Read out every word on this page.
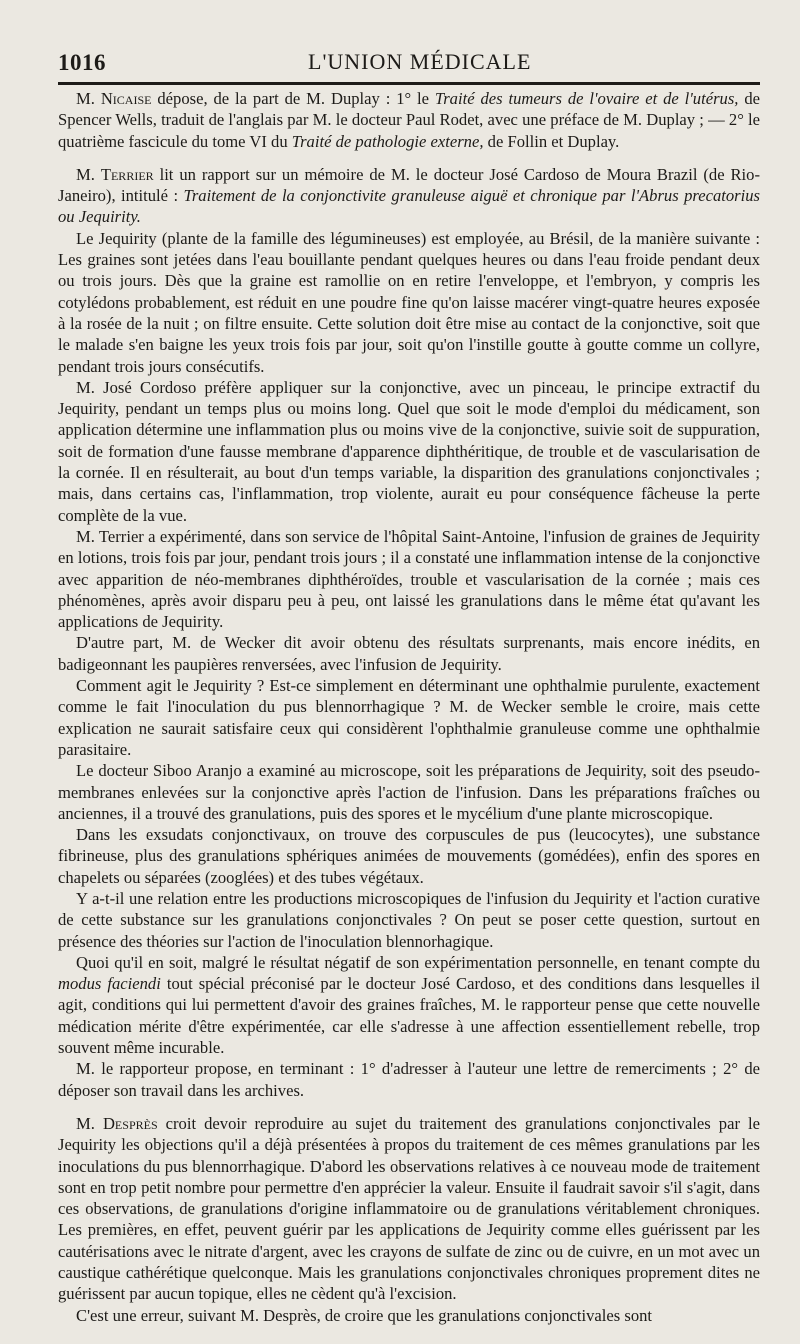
1016	L'UNION MÉDICALE

M. Nicaise dépose, de la part de M. Duplay : 1° le Traité des tumeurs de l'ovaire et de l'utérus, de Spencer Wells, traduit de l'anglais par M. le docteur Paul Rodet, avec une préface de M. Duplay ; — 2° le quatrième fascicule du tome VI du Traité de pathologie externe, de Follin et Duplay.

M. Terrier lit un rapport sur un mémoire de M. le docteur José Cardoso de Moura Brazil (de Rio-Janeiro), intitulé : Traitement de la conjonctivite granuleuse aiguë et chronique par l'Abrus precatorius ou Jequirity.

Le Jequirity (plante de la famille des légumineuses) est employée, au Brésil, de la manière suivante : Les graines sont jetées dans l'eau bouillante pendant quelques heures ou dans l'eau froide pendant deux ou trois jours. Dès que la graine est ramollie on en retire l'enveloppe, et l'embryon, y compris les cotylédons probablement, est réduit en une poudre fine qu'on laisse macérer vingt-quatre heures exposée à la rosée de la nuit ; on filtre ensuite. Cette solution doit être mise au contact de la conjonctive, soit que le malade s'en baigne les yeux trois fois par jour, soit qu'on l'instille goutte à goutte comme un collyre, pendant trois jours consécutifs.

M. José Cordoso préfère appliquer sur la conjonctive, avec un pinceau, le principe extractif du Jequirity, pendant un temps plus ou moins long. Quel que soit le mode d'emploi du médicament, son application détermine une inflammation plus ou moins vive de la conjonctive, suivie soit de suppuration, soit de formation d'une fausse membrane d'apparence diphthéritique, de trouble et de vascularisation de la cornée. Il en résulterait, au bout d'un temps variable, la disparition des granulations conjonctivales ; mais, dans certains cas, l'inflammation, trop violente, aurait eu pour conséquence fâcheuse la perte complète de la vue.

M. Terrier a expérimenté, dans son service de l'hôpital Saint-Antoine, l'infusion de graines de Jequirity en lotions, trois fois par jour, pendant trois jours ; il a constaté une inflammation intense de la conjonctive avec apparition de néo-membranes diphthéroïdes, trouble et vascularisation de la cornée ; mais ces phénomènes, après avoir disparu peu à peu, ont laissé les granulations dans le même état qu'avant les applications de Jequirity.

D'autre part, M. de Wecker dit avoir obtenu des résultats surprenants, mais encore inédits, en badigeonnant les paupières renversées, avec l'infusion de Jequirity.

Comment agit le Jequirity ? Est-ce simplement en déterminant une ophthalmie purulente, exactement comme le fait l'inoculation du pus blennorrhagique ? M. de Wecker semble le croire, mais cette explication ne saurait satisfaire ceux qui considèrent l'ophthalmie granuleuse comme une ophthalmie parasitaire.

Le docteur Siboo Aranjo a examiné au microscope, soit les préparations de Jequirity, soit des pseudo-membranes enlevées sur la conjonctive après l'action de l'infusion. Dans les préparations fraîches ou anciennes, il a trouvé des granulations, puis des spores et le mycélium d'une plante microscopique.

Dans les exsudats conjonctivaux, on trouve des corpuscules de pus (leucocytes), une substance fibrineuse, plus des granulations sphériques animées de mouvements (gomédées), enfin des spores en chapelets ou séparées (zooglées) et des tubes végétaux.

Y a-t-il une relation entre les productions microscopiques de l'infusion du Jequirity et l'action curative de cette substance sur les granulations conjonctivales ? On peut se poser cette question, surtout en présence des théories sur l'action de l'inoculation blennorhagique.

Quoi qu'il en soit, malgré le résultat négatif de son expérimentation personnelle, en tenant compte du modus faciendi tout spécial préconisé par le docteur José Cardoso, et des conditions dans lesquelles il agit, conditions qui lui permettent d'avoir des graines fraîches, M. le rapporteur pense que cette nouvelle médication mérite d'être expérimentée, car elle s'adresse à une affection essentiellement rebelle, trop souvent même incurable.

M. le rapporteur propose, en terminant : 1° d'adresser à l'auteur une lettre de remerciments ; 2° de déposer son travail dans les archives.

M. Desprès croit devoir reproduire au sujet du traitement des granulations conjonctivales par le Jequirity les objections qu'il a déjà présentées à propos du traitement de ces mêmes granulations par les inoculations du pus blennorrhagique. D'abord les observations relatives à ce nouveau mode de traitement sont en trop petit nombre pour permettre d'en apprécier la valeur. Ensuite il faudrait savoir s'il s'agit, dans ces observations, de granulations d'origine inflammatoire ou de granulations véritablement chroniques. Les premières, en effet, peuvent guérir par les applications de Jequirity comme elles guérissent par les cautérisations avec le nitrate d'argent, avec les crayons de sulfate de zinc ou de cuivre, en un mot avec un caustique cathérétique quelconque. Mais les granulations conjonctivales chroniques proprement dites ne guérissent par aucun topique, elles ne cèdent qu'à l'excision.

C'est une erreur, suivant M. Desprès, de croire que les granulations conjonctivales sont
